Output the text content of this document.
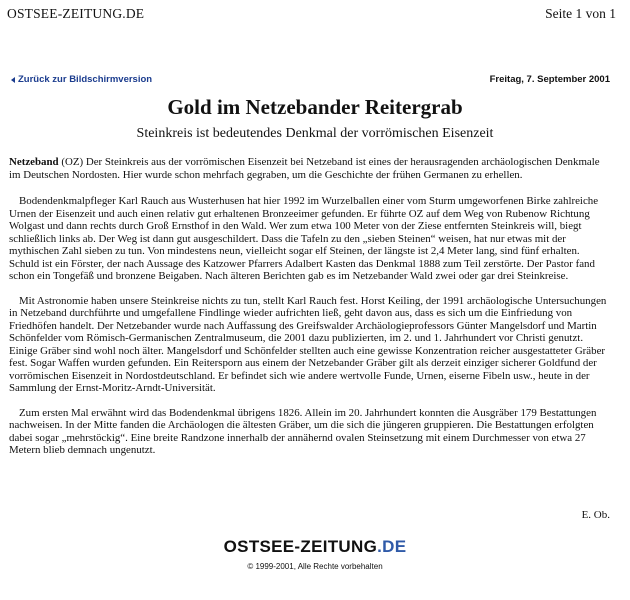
OSTSEE-ZEITUNG.DE	Seite 1 von 1
Zurück zur Bildschirmversion	Freitag, 7. September 2001
Gold im Netzebander Reitergrab
Steinkreis ist bedeutendes Denkmal der vorrömischen Eisenzeit

Netzeband (OZ) Der Steinkreis aus der vorrömischen Eisenzeit bei Netzeband ist eines der herausragenden archäologischen Denkmale im Deutschen Nordosten. Hier wurde schon mehrfach gegraben, um die Geschichte der frühen Germanen zu erhellen.

Bodendenkmalpfleger Karl Rauch aus Wusterhusen hat hier 1992 im Wurzelballen einer vom Sturm umgeworfenen Birke zahlreiche Urnen der Eisenzeit und auch einen relativ gut erhaltenen Bronzeeimer gefunden. Er führte OZ auf dem Weg von Rubenow Richtung Wolgast und dann rechts durch Groß Ernsthof in den Wald. Wer zum etwa 100 Meter von der Ziese entfernten Steinkreis will, biegt schließlich links ab. Der Weg ist dann gut ausgeschildert. Dass die Tafeln zu den „sieben Steinen“ weisen, hat nur etwas mit der mythischen Zahl sieben zu tun. Von mindestens neun, vielleicht sogar elf Steinen, der längste ist 2,4 Meter lang, sind fünf erhalten. Schuld ist ein Förster, der nach Aussage des Katzower Pfarrers Adalbert Kasten das Denkmal 1888 zum Teil zerstörte. Der Pastor fand schon ein Tongefäß und bronzene Beigaben. Nach älteren Berichten gab es im Netzebander Wald zwei oder gar drei Steinkreise.

Mit Astronomie haben unsere Steinkreise nichts zu tun, stellt Karl Rauch fest. Horst Keiling, der 1991 archäologische Untersuchungen in Netzeband durchführte und umgefallene Findlinge wieder aufrichten ließ, geht davon aus, dass es sich um die Einfriedung von Friedhöfen handelt. Der Netzebander wurde nach Auffassung des Greifswalder Archäologieprofessors Günter Mangelsdorf und Martin Schönfelder vom Römisch-Germanischen Zentralmuseum, die 2001 dazu publizierten, im 2. und 1. Jahrhundert vor Christi genutzt. Einige Gräber sind wohl noch älter. Mangelsdorf und Schönfelder stellten auch eine gewisse Konzentration reicher ausgestatteter Gräber fest. Sogar Waffen wurden gefunden. Ein Reitersporn aus einem der Netzebander Gräber gilt als derzeit einziger sicherer Goldfund der vorrömischen Eisenzeit in Nordostdeutschland. Er befindet sich wie andere wertvolle Funde, Urnen, eiserne Fibeln usw., heute in der Sammlung der Ernst-Moritz-Arndt-Universität.

Zum ersten Mal erwähnt wird das Bodendenkmal übrigens 1826. Allein im 20. Jahrhundert konnten die Ausgräber 179 Bestattungen nachweisen. In der Mitte fanden die Archäologen die ältesten Gräber, um die sich die jüngeren gruppieren. Die Bestattungen erfolgten dabei sogar „mehrstöckig“. Eine breite Randzone innerhalb der annähernd ovalen Steinsetzung mit einem Durchmesser von etwa 27 Metern blieb demnach ungenutzt.

E. Ob.
OSTSEE-ZEITUNG.DE
© 1999-2001, Alle Rechte vorbehalten
